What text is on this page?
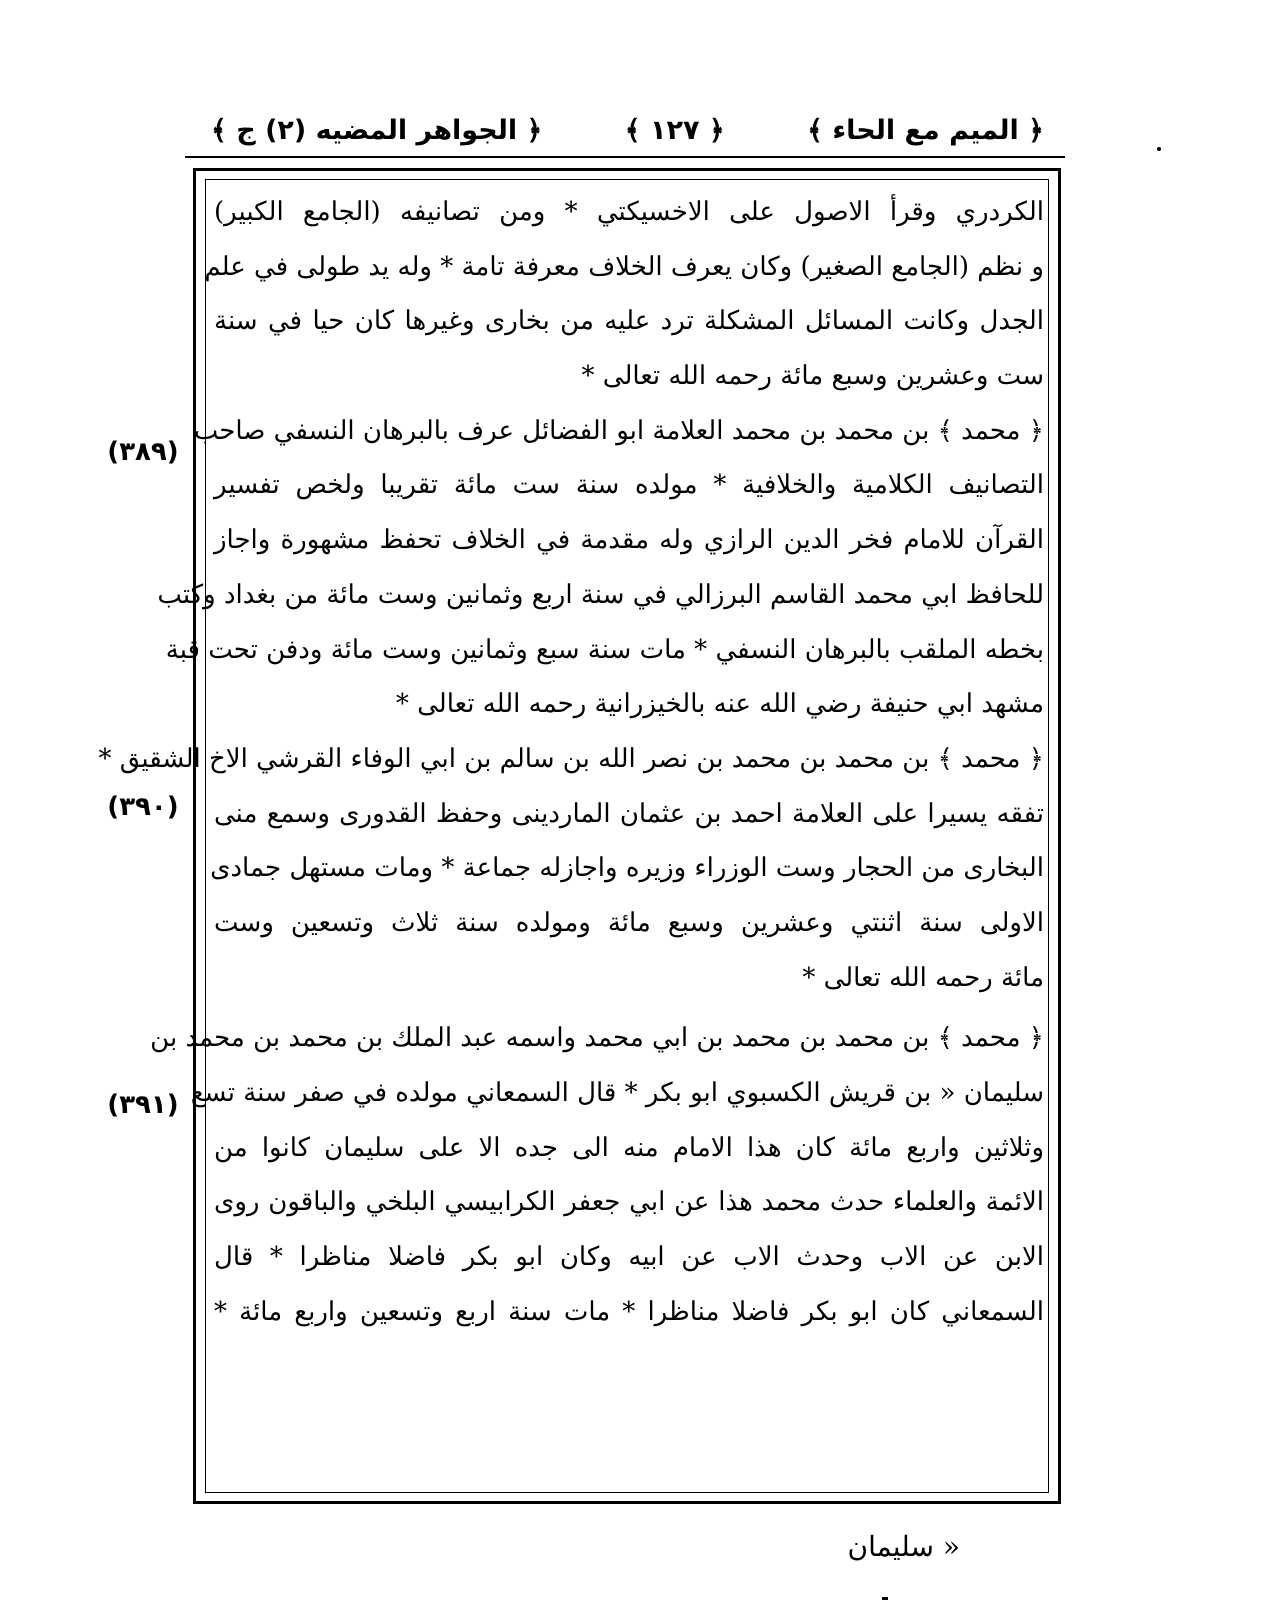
﴿ الميم مع الحاء ﴾
﴿ ١٢٧ ﴾
﴿ الجواهر المضيه (٢) ج ﴾
الكردري وقرأ الاصول على الاخسيكتي * ومن تصانيفه (الجامع الكبير)
و نظم (الجامع الصغير) وكان يعرف الخلاف معرفة تامة * وله يد طولى في علم
الجدل وكانت المسائل المشكلة ترد عليه من بخارى وغيرها كان حيا في سنة
ست وعشرين وسبع مائة رحمه الله تعالى *
﴿ محمد ﴾ بن محمد بن محمد العلامة ابو الفضائل عرف بالبرهان النسفي صاحب
التصانيف الكلامية والخلافية * مولده سنة ست مائة تقريبا ولخص تفسير
القرآن للامام فخر الدين الرازي وله مقدمة في الخلاف تحفظ مشهورة واجاز
للحافظ ابي محمد القاسم البرزالي في سنة اربع وثمانين وست مائة من بغداد وكتب
بخطه الملقب بالبرهان النسفي * مات سنة سبع وثمانين وست مائة ودفن تحت قبة
مشهد ابي حنيفة رضي الله عنه بالخيزرانية رحمه الله تعالى *
﴿ محمد ﴾ بن محمد بن محمد بن نصر الله بن سالم بن ابي الوفاء القرشي الاخ الشقيق *
تفقه يسيرا على العلامة احمد بن عثمان الماردينى وحفظ القدورى وسمع منى
البخارى من الحجار وست الوزراء وزيره واجازله جماعة * ومات مستهل جمادى
الاولى سنة اثنتي وعشرين وسبع مائة ومولده سنة ثلاث وتسعين وست
مائة رحمه الله تعالى *
﴿ محمد ﴾ بن محمد بن محمد بن ابي محمد واسمه عبد الملك بن محمد بن محمد بن
سليمان « بن قريش الكسبوي ابو بكر * قال السمعاني مولده في صفر سنة تسع
وثلاثين واربع مائة كان هذا الامام منه الى جده الا على سليمان كانوا من
الائمة والعلماء حدث محمد هذا عن ابي جعفر الكرابيسي البلخي والباقون روى
الابن عن الاب وحدث الاب عن ابيه وكان ابو بكر فاضلا مناظرا * قال
السمعاني كان ابو بكر فاضلا مناظرا * مات سنة اربع وتسعين واربع مائة *
(٣٨٩)
(٣٩٠)
(٣٩١)
« سليمان
